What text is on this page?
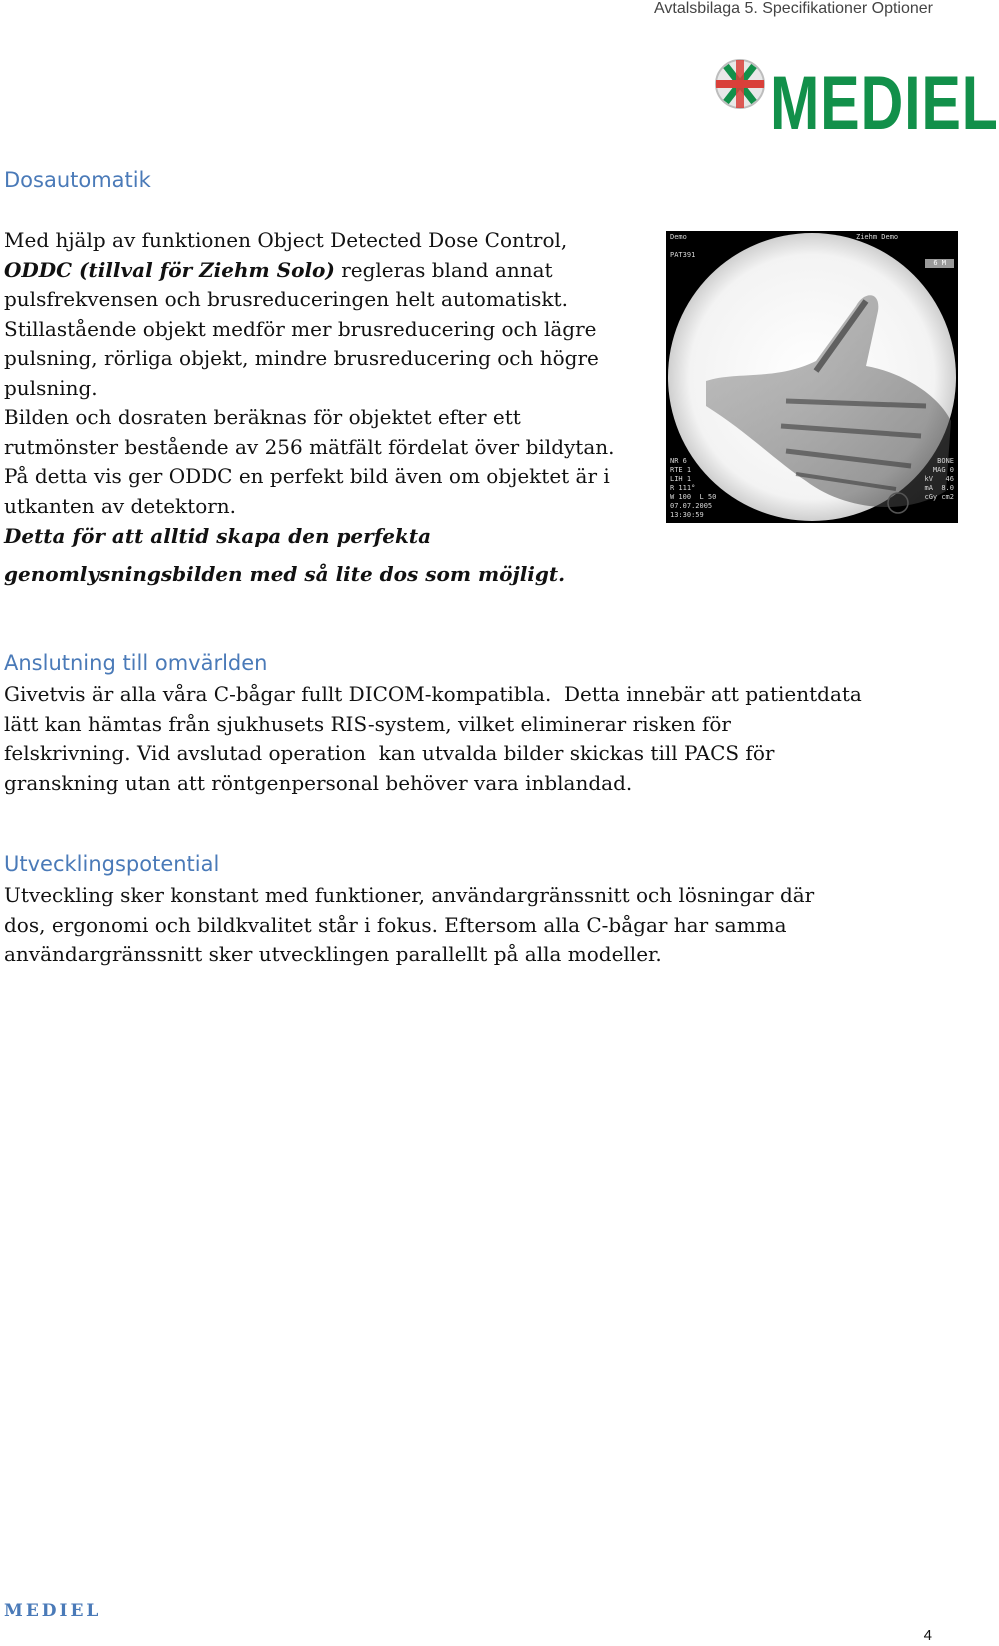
Avtalsbilaga 5. Specifikationer Optioner
MEDIEL
Dosautomatik
Med hjälp av funktionen Object Detected Dose Control,
ODDC (tillval för Ziehm Solo) regleras bland annat
pulsfrekvensen och brusreduceringen helt automatiskt.
Stillastående objekt medför mer brusreducering och lägre
pulsning, rörliga objekt, mindre brusreducering och högre
pulsning.
Bilden och dosraten beräknas för objektet efter ett
rutmönster bestående av 256 mätfält fördelat över bildytan.
På detta vis ger ODDC en perfekt bild även om objektet är i
utkanten av detektorn.
Detta för att alltid skapa den perfekta
genomlysningsbilden med så lite dos som möjligt.
Demo

PAT391
Ziehm Demo
6 M
NR 6
RTE 1
LIH 1
R 111°
W 100  L 50
07.07.2005
13:30:59
BONE
MAG 0
kV   46
mA  8.0
cGy cm2
Anslutning till omvärlden
Givetvis är alla våra C-bågar fullt DICOM-kompatibla.  Detta innebär att patientdata
lätt kan hämtas från sjukhusets RIS-system, vilket eliminerar risken för
felskrivning. Vid avslutad operation  kan utvalda bilder skickas till PACS för
granskning utan att röntgenpersonal behöver vara inblandad.
Utvecklingspotential
Utveckling sker konstant med funktioner, användargränssnitt och lösningar där
dos, ergonomi och bildkvalitet står i fokus. Eftersom alla C-bågar har samma
användargränssnitt sker utvecklingen parallellt på alla modeller.
MEDIEL
4
